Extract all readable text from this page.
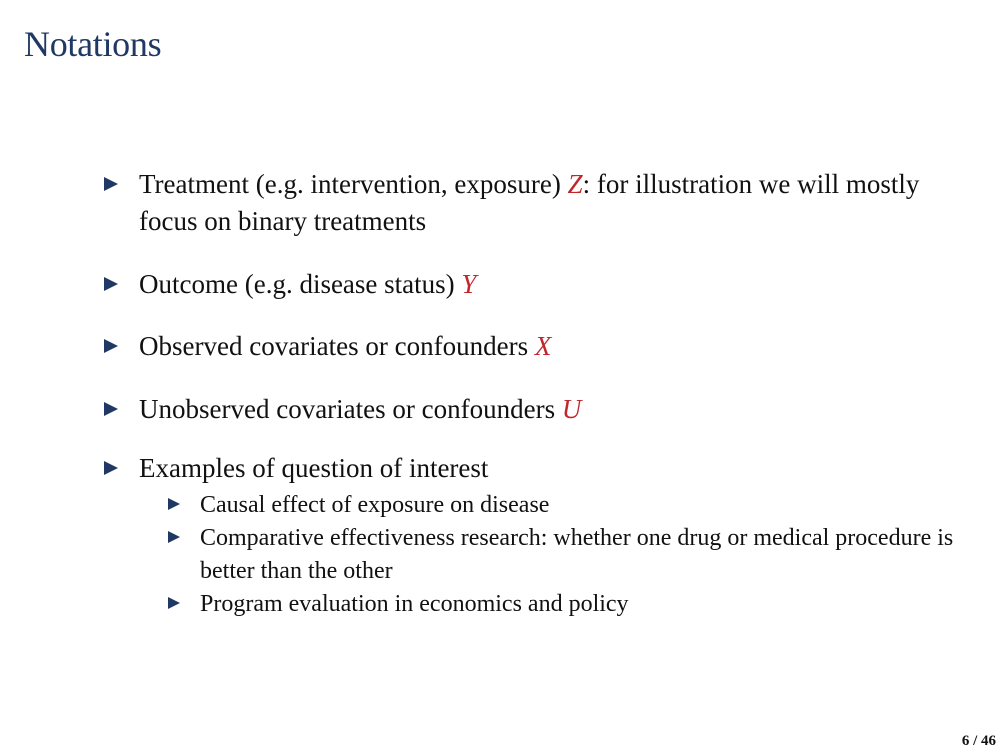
Notations
Treatment (e.g. intervention, exposure) Z: for illustration we will mostly focus on binary treatments
Outcome (e.g. disease status) Y
Observed covariates or confounders X
Unobserved covariates or confounders U
Examples of question of interest
Causal effect of exposure on disease
Comparative effectiveness research: whether one drug or medical procedure is better than the other
Program evaluation in economics and policy
6 / 46
